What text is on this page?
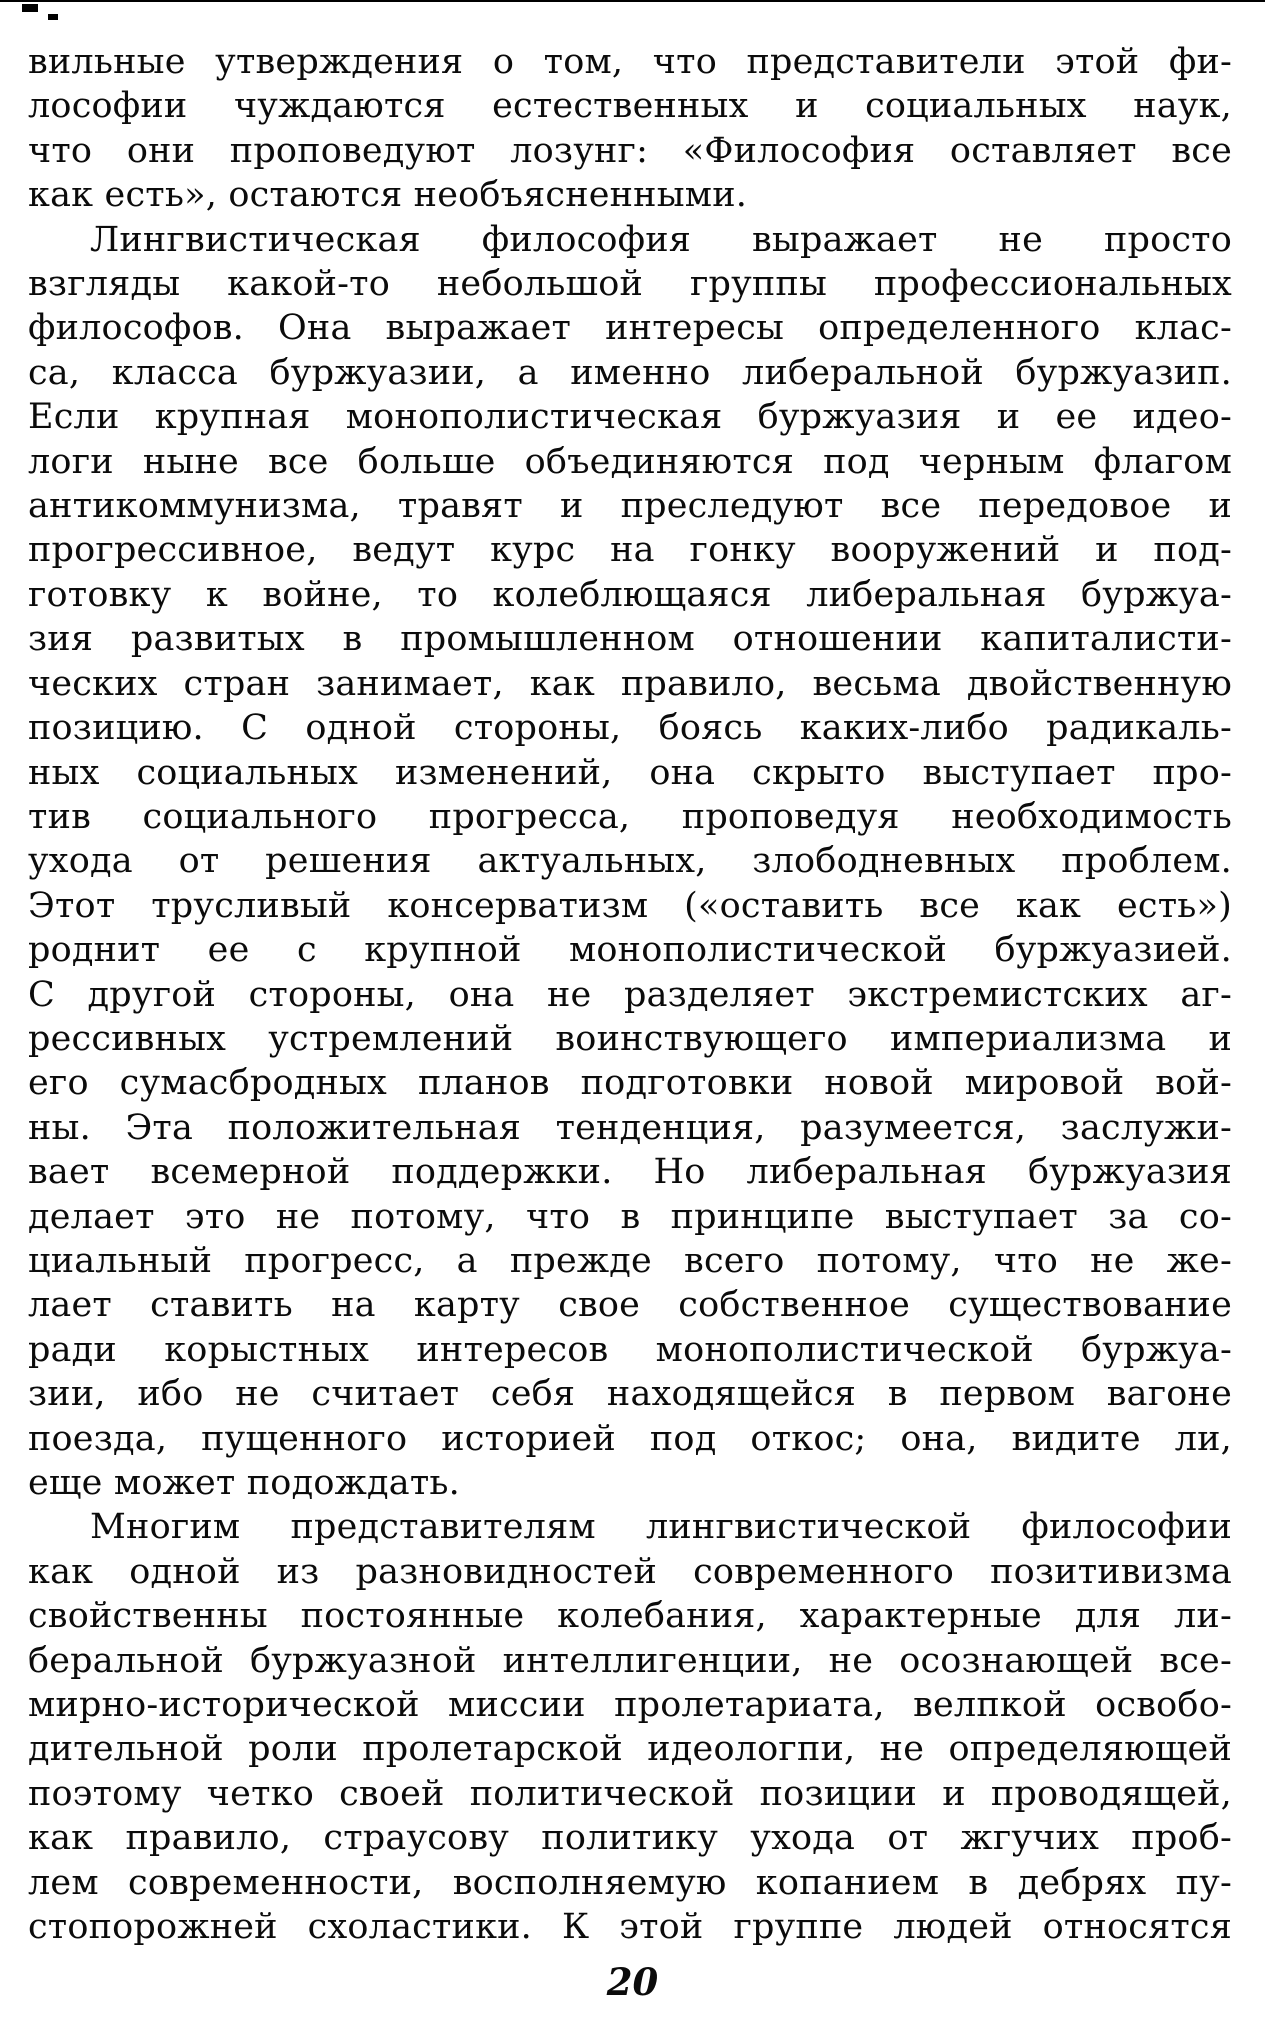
вильные утверждения о том, что представители этой фи-
лософии чуждаются естественных и социальных наук,
что они проповедуют лозунг: «Философия оставляет все
как есть», остаются необъясненными.
Лингвистическая философия выражает не просто
взгляды какой-то небольшой группы профессиональных
философов. Она выражает интересы определенного клас-
са, класса буржуазии, а именно либеральной буржуазип.
Если крупная монополистическая буржуазия и ее идео-
логи ныне все больше объединяются под черным флагом
антикоммунизма, травят и преследуют все передовое и
прогрессивное, ведут курс на гонку вооружений и под-
готовку к войне, то колеблющаяся либеральная буржуа-
зия развитых в промышленном отношении капиталисти-
ческих стран занимает, как правило, весьма двойственную
позицию. С одной стороны, боясь каких-либо радикаль-
ных социальных изменений, она скрыто выступает про-
тив социального прогресса, проповедуя необходимость
ухода от решения актуальных, злободневных проблем.
Этот трусливый консерватизм («оставить все как есть»)
роднит ее с крупной монополистической буржуазией.
С другой стороны, она не разделяет экстремистских аг-
рессивных устремлений воинствующего империализма и
его сумасбродных планов подготовки новой мировой вой-
ны. Эта положительная тенденция, разумеется, заслужи-
вает всемерной поддержки. Но либеральная буржуазия
делает это не потому, что в принципе выступает за со-
циальный прогресс, а прежде всего потому, что не же-
лает ставить на карту свое собственное существование
ради корыстных интересов монополистической буржуа-
зии, ибо не считает себя находящейся в первом вагоне
поезда, пущенного историей под откос; она, видите ли,
еще может подождать.
Многим представителям лингвистической философии
как одной из разновидностей современного позитивизма
свойственны постоянные колебания, характерные для ли-
беральной буржуазной интеллигенции, не осознающей все-
мирно-исторической миссии пролетариата, велпкой освобо-
дительной роли пролетарской идеологпи, не определяющей
поэтому четко своей политической позиции и проводящей,
как правило, страусову политику ухода от жгучих проб-
лем современности, восполняемую копанием в дебрях пу-
стопорожней схоластики. К этой группе людей относятся
20
